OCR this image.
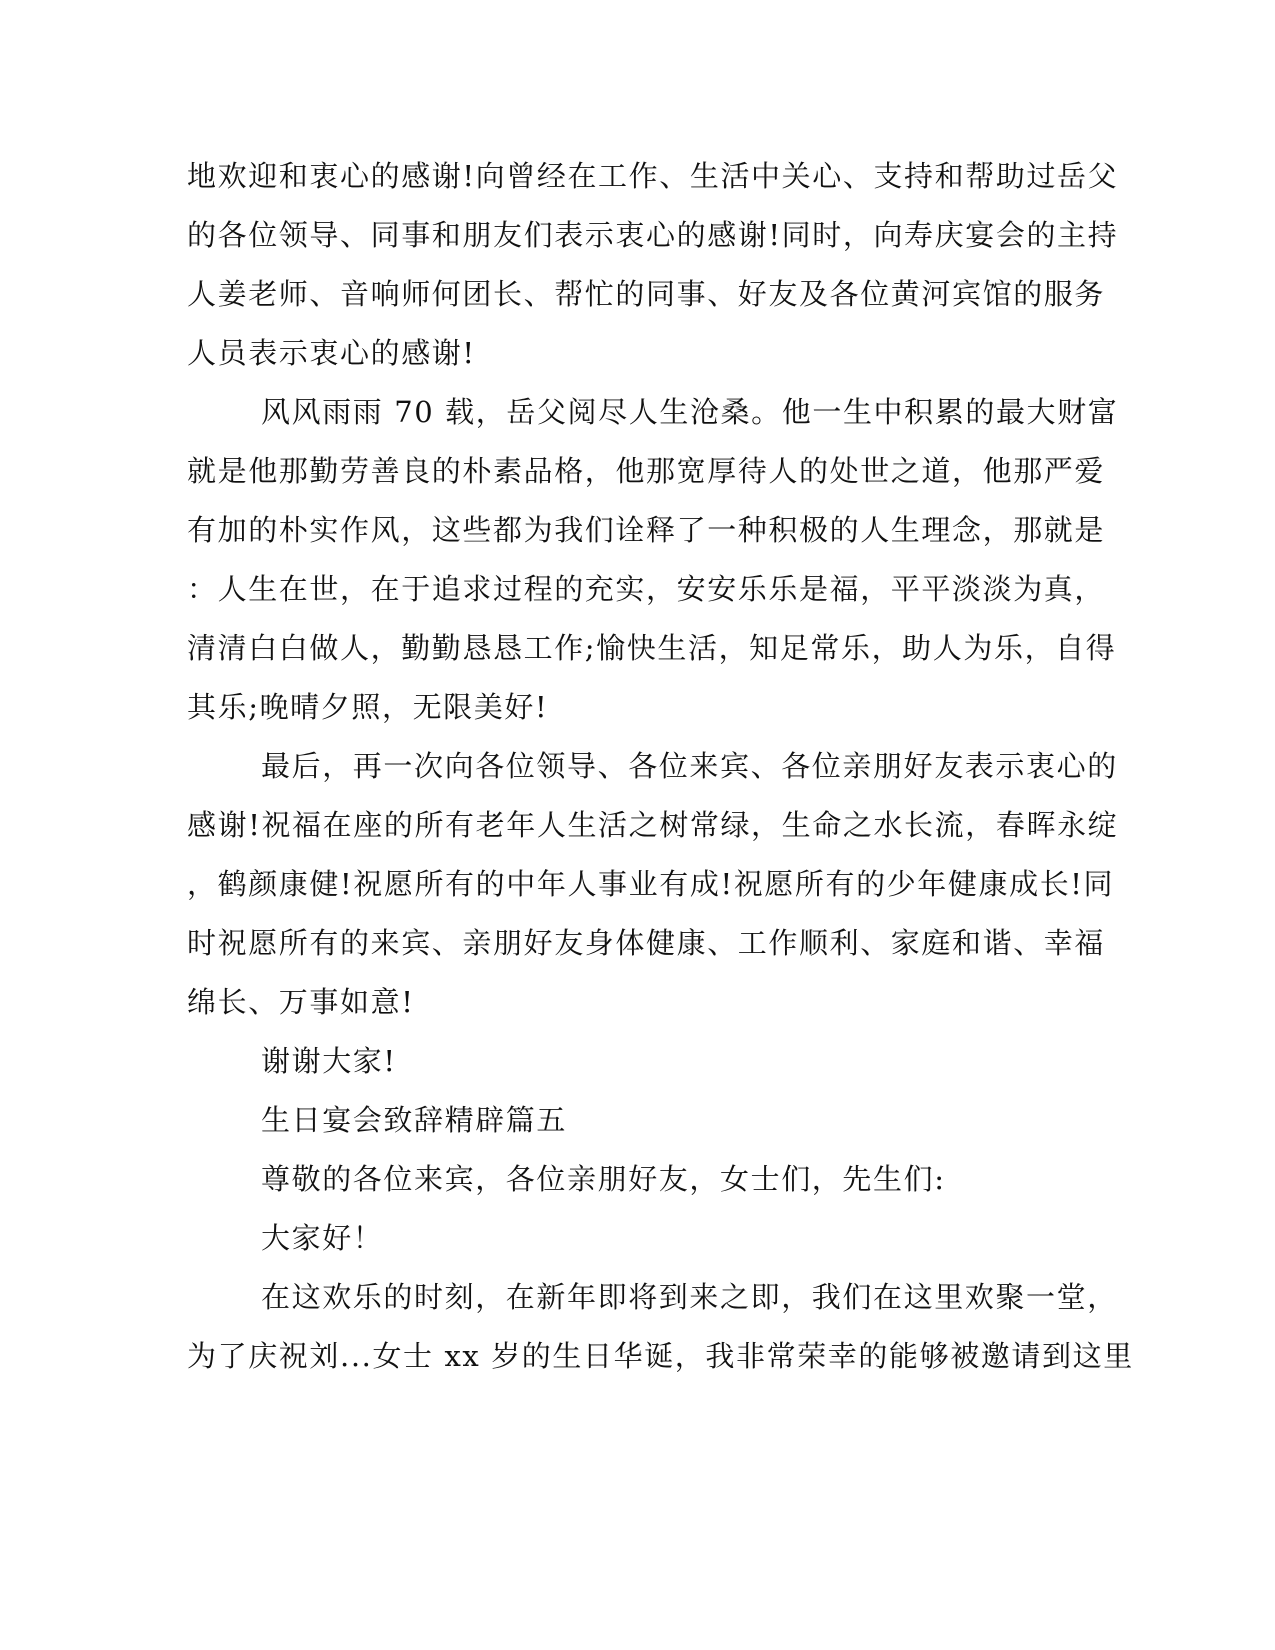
地欢迎和衷心的感谢!向曾经在工作、生活中关心、支持和帮助过岳父
的各位领导、同事和朋友们表示衷心的感谢!同时，向寿庆宴会的主持
人姜老师、音响师何团长、帮忙的同事、好友及各位黄河宾馆的服务
人员表示衷心的感谢!
风风雨雨 70 载，岳父阅尽人生沧桑。他一生中积累的最大财富
就是他那勤劳善良的朴素品格，他那宽厚待人的处世之道，他那严爱
有加的朴实作风，这些都为我们诠释了一种积极的人生理念，那就是
：人生在世，在于追求过程的充实，安安乐乐是福，平平淡淡为真，
清清白白做人，勤勤恳恳工作;愉快生活，知足常乐，助人为乐，自得
其乐;晚晴夕照，无限美好!
最后，再一次向各位领导、各位来宾、各位亲朋好友表示衷心的
感谢!祝福在座的所有老年人生活之树常绿，生命之水长流，春晖永绽
，鹤颜康健!祝愿所有的中年人事业有成!祝愿所有的少年健康成长!同
时祝愿所有的来宾、亲朋好友身体健康、工作顺利、家庭和谐、幸福
绵长、万事如意!
谢谢大家!
生日宴会致辞精辟篇五
尊敬的各位来宾，各位亲朋好友，女士们，先生们:
大家好！
在这欢乐的时刻，在新年即将到来之即，我们在这里欢聚一堂，
为了庆祝刘...女士 xx 岁的生日华诞，我非常荣幸的能够被邀请到这里
